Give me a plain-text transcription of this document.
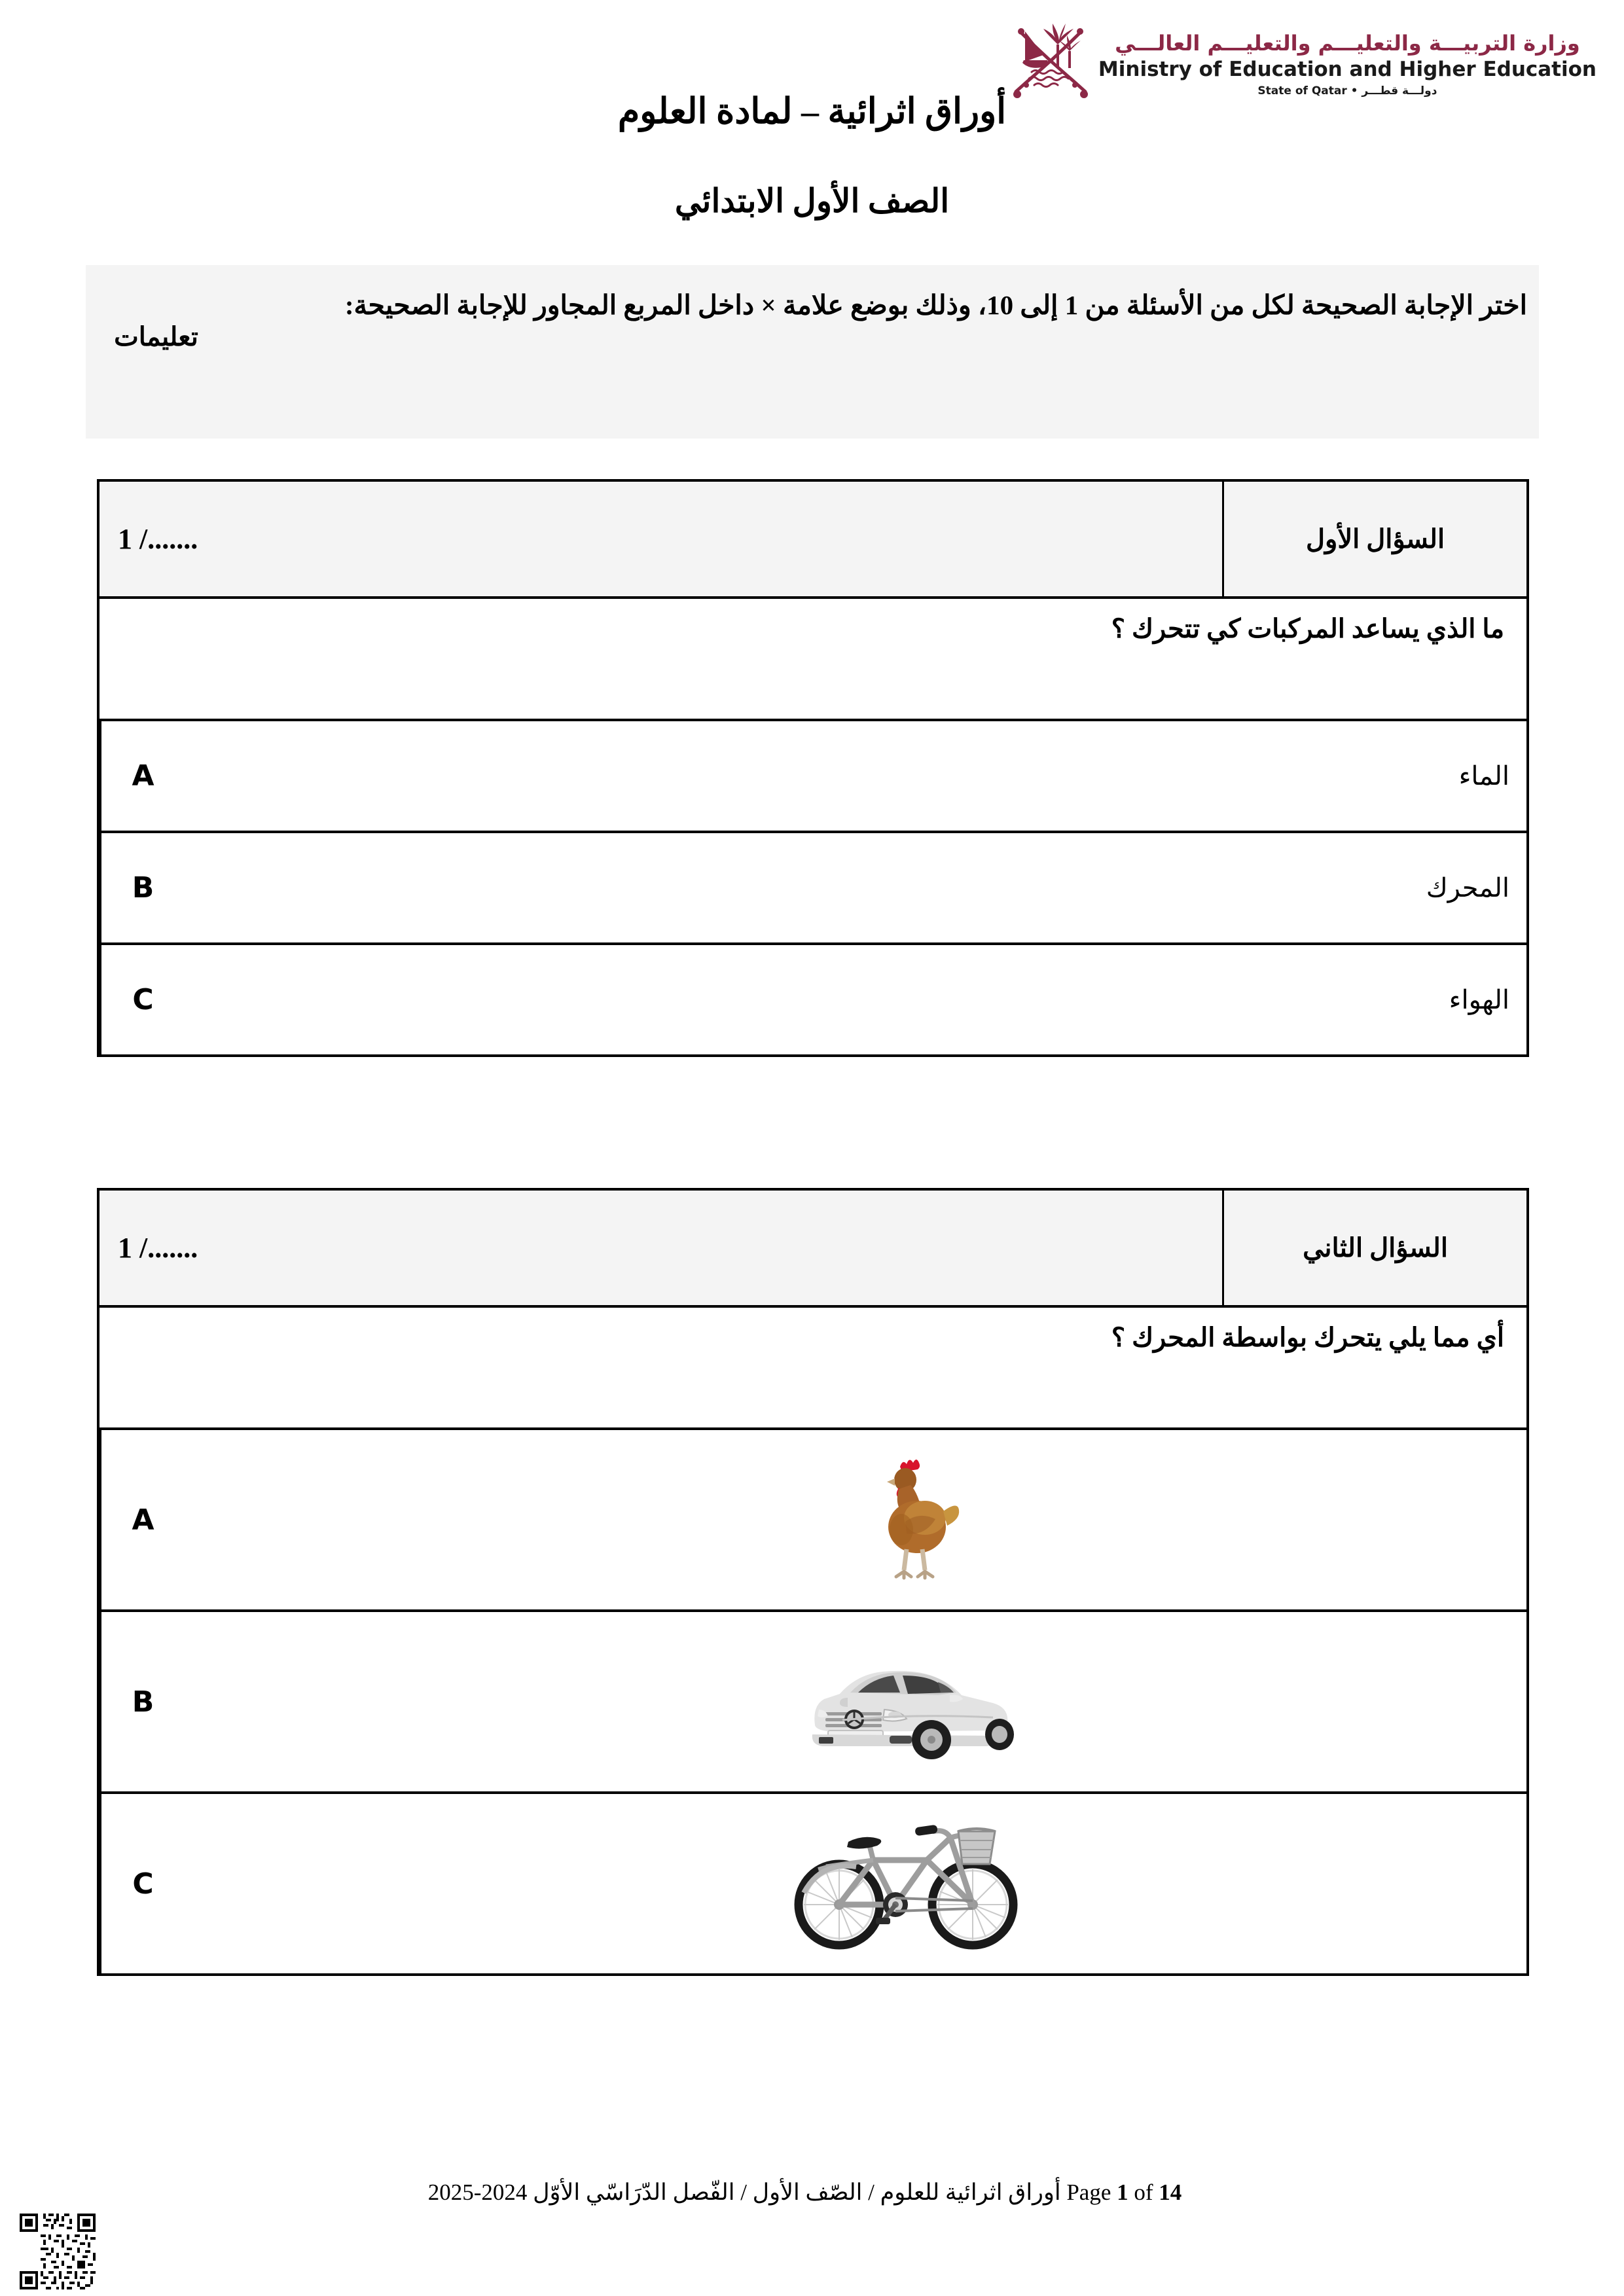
وزارة التربيـــة والتعليـــم والتعليـــم العالـــي
Ministry of Education and Higher Education
دولـــة قطـــر • State of Qatar
أوراق اثرائية – لمادة العلوم
الصف الأول الابتدائي
اختر الإجابة الصحيحة لكل من الأسئلة من 1 إلى 10، وذلك بوضع علامة × داخل المربع المجاور للإجابة الصحيحة:
تعليمات
السؤال الأول
1 /.......
ما الذي يساعد المركبات كي تتحرك ؟
الماء
A
المحرك
B
الهواء
C
السؤال الثاني
1 /.......
أي مما يلي يتحرك بواسطة المحرك ؟
A
B
C
Page 1 of 14 أوراق اثرائية للعلوم / الصّف الأول / الفّصل الدّرَاسّي الأوّل 2024-2025
